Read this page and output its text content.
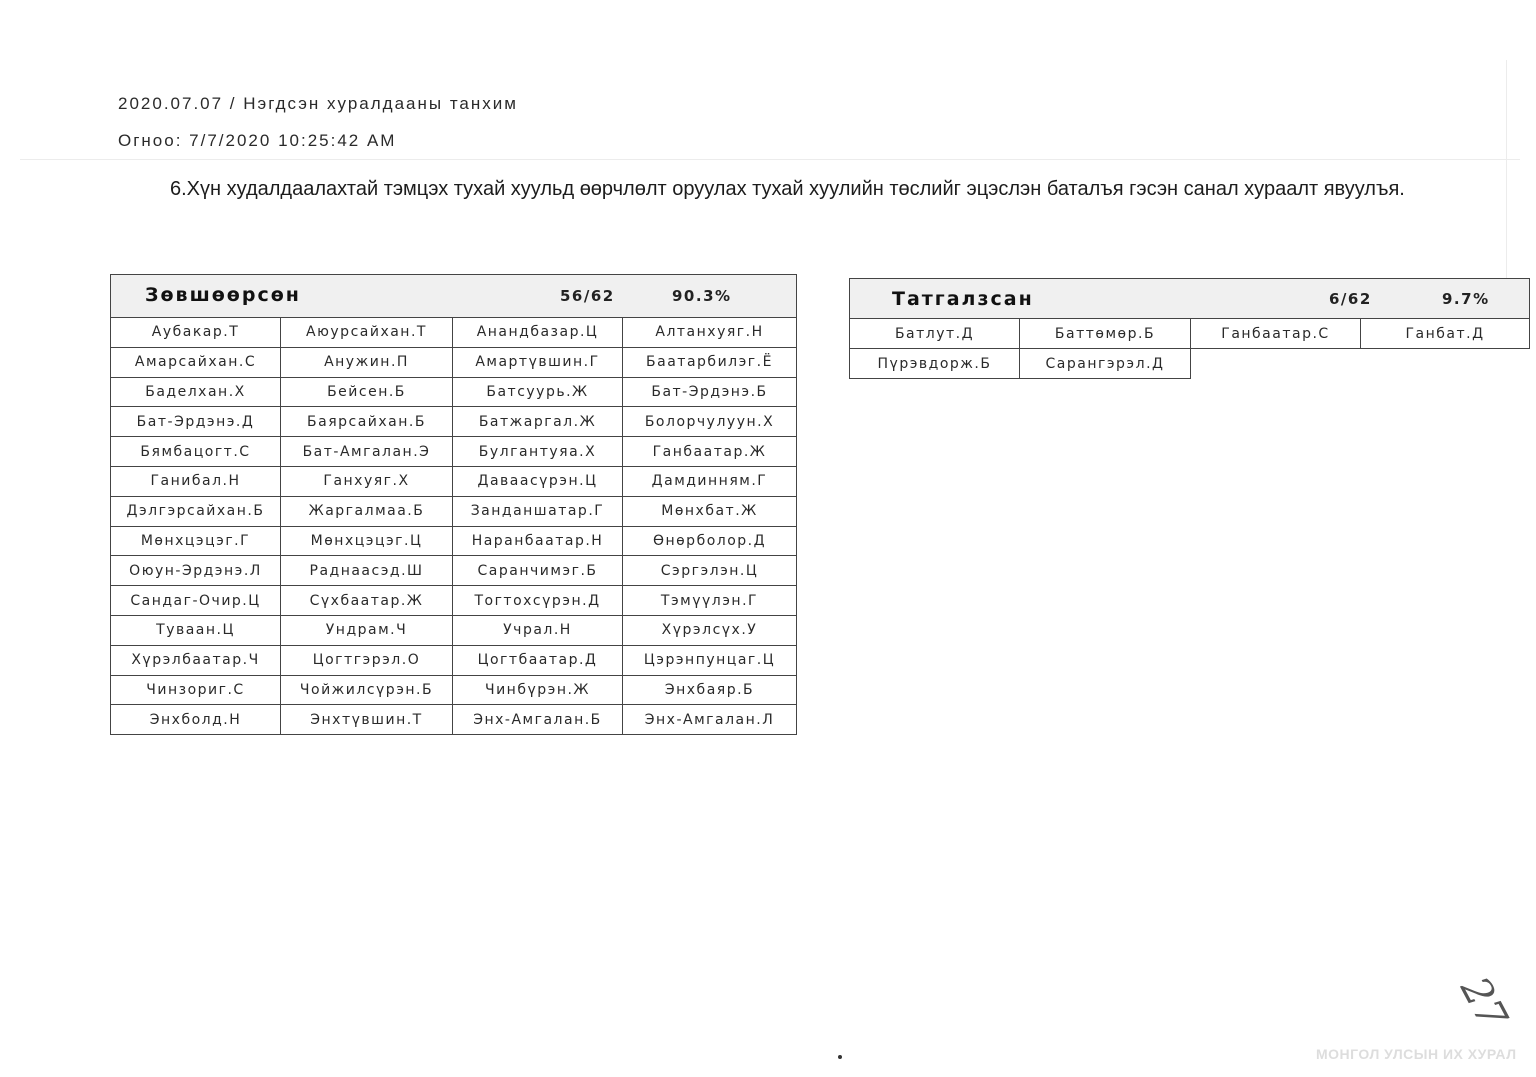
2020.07.07 / Нэгдсэн хуралдааны танхим
Огноо: 7/7/2020 10:25:42 AM
6.Хүн худалдаалахтай тэмцэх тухай хуульд өөрчлөлт оруулах тухай хуулийн төслийг эцэслэн баталъя гэсэн санал хураалт явуулъя.
Зөвшөөрсөн 56/62 90.3%			

Аубакар.Т	Аюурсайхан.Т	Анандбазар.Ц	Алтанхуяг.Н
Амарсайхан.С	Анужин.П	Амартүвшин.Г	Баатарбилэг.Ё
Баделхан.Х	Бейсен.Б	Батсуурь.Ж	Бат-Эрдэнэ.Б
Бат-Эрдэнэ.Д	Баярсайхан.Б	Батжаргал.Ж	Болорчулуун.Х
Бямбацогт.С	Бат-Амгалан.Э	Булгантуяа.Х	Ганбаатар.Ж
Ганибал.Н	Ганхуяг.Х	Даваасүрэн.Ц	Дамдинням.Г
Дэлгэрсайхан.Б	Жаргалмаа.Б	Занданшатар.Г	Мөнхбат.Ж
Мөнхцэцэг.Г	Мөнхцэцэг.Ц	Наранбаатар.Н	Өнөрболор.Д
Оюун-Эрдэнэ.Л	Раднаасэд.Ш	Саранчимэг.Б	Сэргэлэн.Ц
Сандаг-Очир.Ц	Сүхбаатар.Ж	Тогтохсүрэн.Д	Тэмүүлэн.Г
Туваан.Ц	Ундрам.Ч	Учрал.Н	Хүрэлсүх.У
Хүрэлбаатар.Ч	Цогтгэрэл.О	Цогтбаатар.Д	Цэрэнпунцаг.Ц
Чинзориг.С	Чойжилсүрэн.Б	Чинбүрэн.Ж	Энхбаяр.Б
Энхболд.Н	Энхтүвшин.Т	Энх-Амгалан.Б	Энх-Амгалан.Л
Татгалзсан 6/62 9.7%			

Батлут.Д	Баттөмөр.Б	Ганбаатар.С	Ганбат.Д
Пүрэвдорж.Б	Сарангэрэл.Д		
27
МОНГОЛ УЛСЫН ИХ ХУРАЛ
